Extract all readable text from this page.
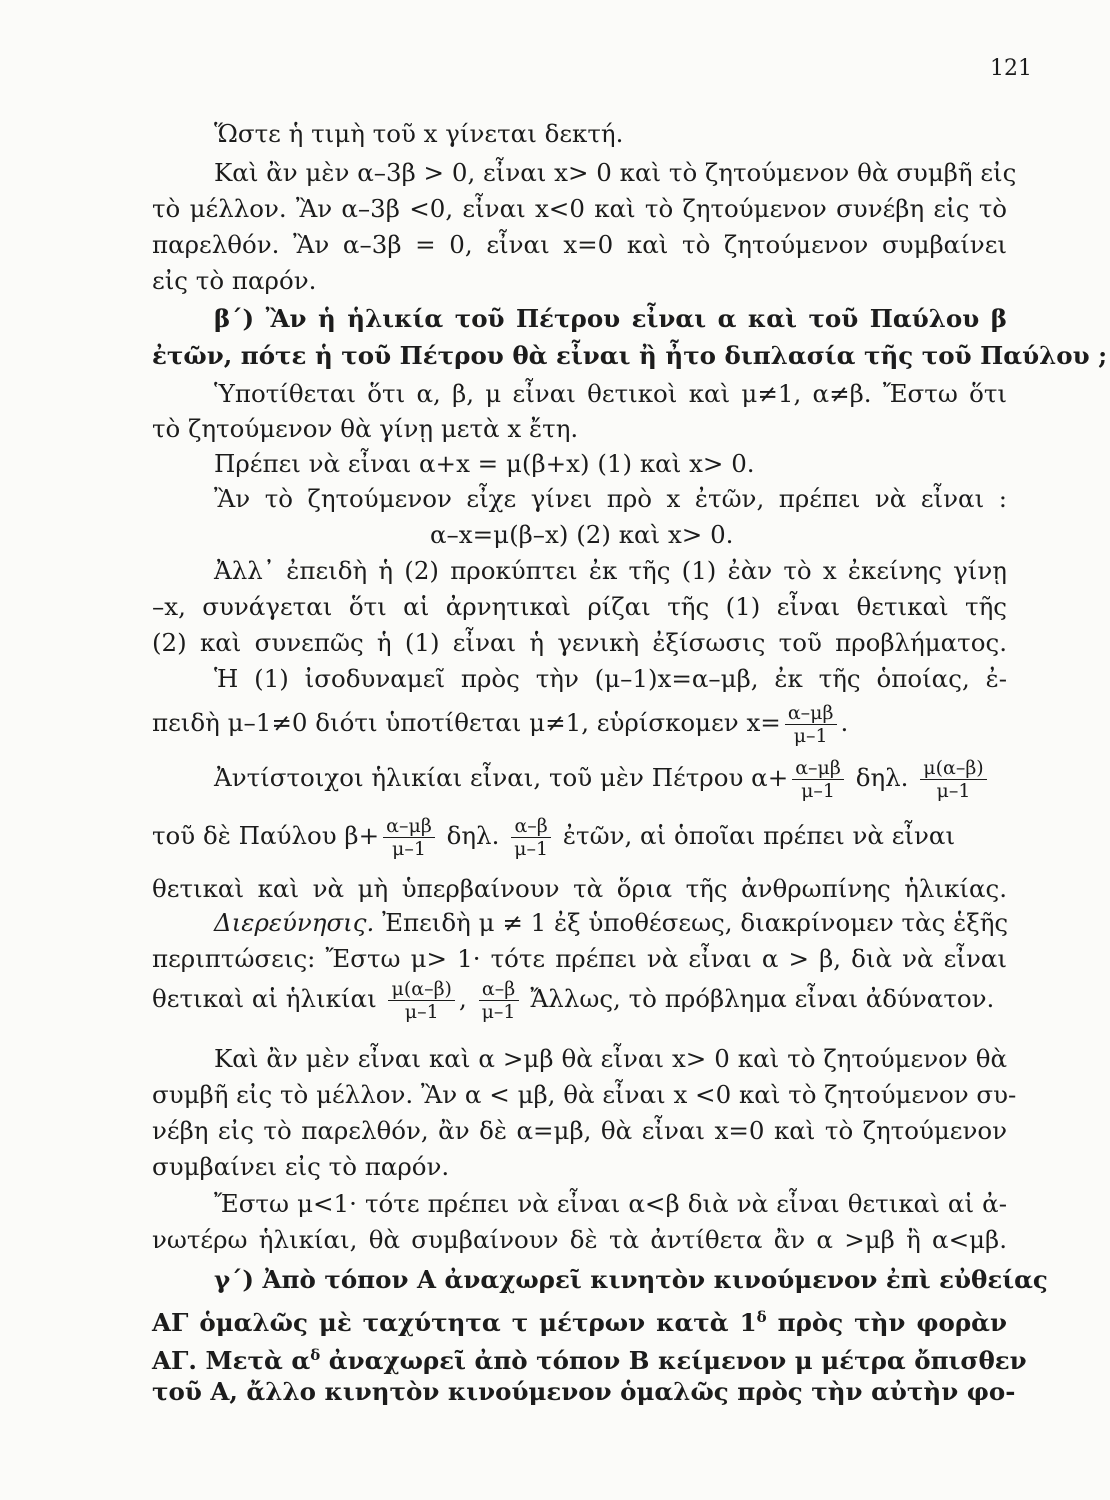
121
Ὥστε ἡ τιμὴ τοῦ x γίνεται δεκτή.
Καὶ ἂν μὲν α–3β > 0, εἶναι x> 0 καὶ τὸ ζητούμενον θὰ συμβῆ εἰς
τὸ μέλλον. Ἂν α–3β <0, εἶναι x<0 καὶ τὸ ζητούμενον συνέβη εἰς τὸ
παρελθόν. Ἂν α–3β = 0, εἶναι x=0 καὶ τὸ ζητούμενον συμβαίνει
εἰς τὸ παρόν.
β΄) Ἂν ἡ ἡλικία τοῦ Πέτρου εἶναι α καὶ τοῦ Παύλου β
ἐτῶν, πότε ἡ τοῦ Πέτρου θὰ εἶναι ἢ ἦτο διπλασία τῆς τοῦ Παύλου ;
Ὑποτίθεται ὅτι α, β, μ εἶναι θετικοὶ καὶ μ≠1, α≠β. Ἔστω ὅτι
τὸ ζητούμενον θὰ γίνῃ μετὰ x ἔτη.
Πρέπει νὰ εἶναι α+x = μ(β+x) (1) καὶ x> 0.
Ἂν τὸ ζητούμενον εἶχε γίνει πρὸ x ἐτῶν, πρέπει νὰ εἶναι :
α–x=μ(β–x) (2) καὶ x> 0.
Ἀλλ᾽ ἐπειδὴ ἡ (2) προκύπτει ἐκ τῆς (1) ἐὰν τὸ x ἐκείνης γίνῃ
–x, συνάγεται ὅτι αἱ ἀρνητικαὶ ρίζαι τῆς (1) εἶναι θετικαὶ τῆς
(2) καὶ συνεπῶς ἡ (1) εἶναι ἡ γενικὴ ἐξίσωσις τοῦ προβλήματος.
Ἡ (1) ἰσοδυναμεῖ πρὸς τὴν (μ–1)x=α–μβ, ἐκ τῆς ὁποίας, ἐ-
πειδὴ μ–1≠0 διότι ὑποτίθεται μ≠1, εὑρίσκομεν $x= \frac{\alpha-\mu\beta}{\mu-1}$ .
Ἀντίστοιχοι ἡλικίαι εἶναι, τοῦ μὲν Πέτρου $\alpha+ \frac{\alpha-\mu\beta}{\mu-1} \delta\eta\lambda$. $\frac{\mu(\alpha-\beta)}{\mu-1}$
τοῦ δὲ Παύλου $\beta+ \frac{\alpha-\mu\beta}{\mu-1} \delta\eta\lambda$. $\frac{\alpha-\beta}{\mu-1}$ ἐτῶν, αἱ ὁποῖαι πρέπει νὰ εἶναι
θετικαὶ καὶ νὰ μὴ ὑπερβαίνουν τὰ ὅρια τῆς ἀνθρωπίνης ἡλικίας.
Διερεύνησις. Ἐπειδὴ μ ≠ 1 ἐξ ὑποθέσεως, διακρίνομεν τὰς ἑξῆς
περιπτώσεις: Ἔστω μ> 1· τότε πρέπει νὰ εἶναι α > β, διὰ νὰ εἶναι
θετικαὶ αἱ ἡλικίαι $\frac{\mu(\alpha-\beta)}{\mu-1}$ , $\frac{\alpha-\beta}{\mu-1}$ Ἄλλως, τὸ πρόβλημα εἶναι ἀδύνατον.
Καὶ ἂν μὲν εἶναι καὶ α >μβ θὰ εἶναι x> 0 καὶ τὸ ζητούμενον θὰ
συμβῆ εἰς τὸ μέλλον. Ἂν α < μβ, θὰ εἶναι x <0 καὶ τὸ ζητούμενον συ-
νέβη εἰς τὸ παρελθόν, ἂν δὲ α=μβ, θὰ εἶναι x=0 καὶ τὸ ζητούμενον
συμβαίνει εἰς τὸ παρόν.
Ἔστω μ<1· τότε πρέπει νὰ εἶναι α<β διὰ νὰ εἶναι θετικαὶ αἱ ἀ-
νωτέρω ἡλικίαι, θὰ συμβαίνουν δὲ τὰ ἀντίθετα ἂν α >μβ ἢ α<μβ.
γ΄) Ἀπὸ τόπον Α ἀναχωρεῖ κινητὸν κινούμενον ἐπὶ εὐθείας
ΑΓ ὁμαλῶς μὲ ταχύτητα τ μέτρων κατὰ $1^\delta$ πρὸς τὴν φορὰν
ΑΓ. Μετὰ $\alpha^\delta$ ἀναχωρεῖ ἀπὸ τόπον Β κείμενον μ μέτρα ὄπισθεν
τοῦ Α, ἄλλο κινητὸν κινούμενον ὁμαλῶς πρὸς τὴν αὐτὴν φο-
